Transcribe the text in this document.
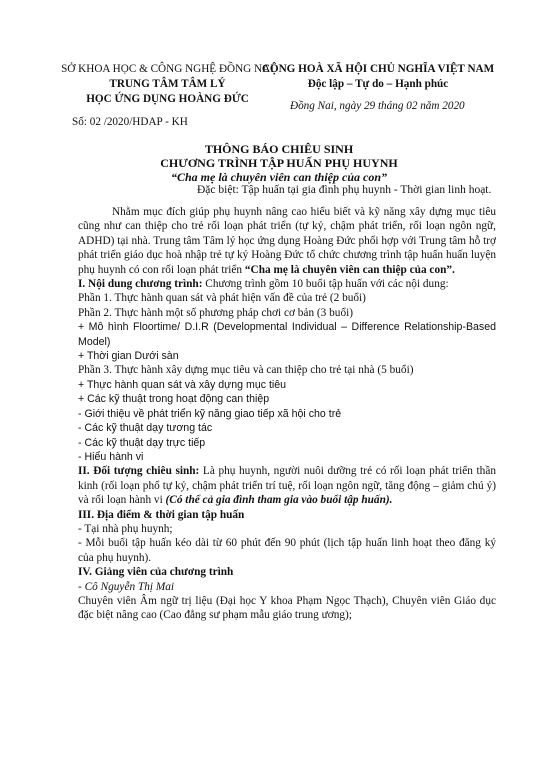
SỞ KHOA HỌC & CÔNG NGHỆ ĐỒNG NAI
TRUNG TÂM TÂM LÝ
HỌC ỨNG DỤNG HOÀNG ĐỨC
CỘNG HOÀ XÃ HỘI CHỦ NGHĨA VIỆT NAM
Độc lập – Tự do – Hạnh phúc
Đồng Nai, ngày 29 tháng 02 năm 2020
Số: 02 /2020/HDAP - KH
THÔNG BÁO CHIÊU SINH
CHƯƠNG TRÌNH TẬP HUẤN PHỤ HUYNH
“Cha mẹ là chuyên viên can thiệp của con”
Đặc biệt: Tập huấn tại gia đình phụ huynh - Thời gian linh hoạt.

Nhằm mục đích giúp phụ huynh nâng cao hiểu biết và kỹ năng xây dựng mục tiêu cũng như can thiệp cho trẻ rối loạn phát triển (tự kỷ, chậm phát triển, rối loạn ngôn ngữ, ADHD) tại nhà. Trung tâm Tâm lý học ứng dụng Hoàng Đức phối hợp với Trung tâm hỗ trợ phát triển giáo dục hoà nhập trẻ tự kỷ Hoàng Đức tổ chức chương trình tập huấn huấn luyện phụ huynh có con rối loạn phát triển “Cha mẹ là chuyên viên can thiệp của con”.

I. Nội dung chương trình: Chương trình gồm 10 buổi tập huấn với các nội dung:

Phần 1. Thực hành quan sát và phát hiện vấn đề của trẻ (2 buổi)

Phần 2. Thực hành một số phương pháp chơi cơ bản (3 buổi)

+ Mô hình Floortime/ D.I.R (Developmental Individual – Difference Relationship-Based Model)

+ Thời gian Dưới sàn

Phần 3. Thực hành xây dựng mục tiêu và can thiệp cho trẻ tại nhà (5 buổi)

+ Thực hành quan sát và xây dựng mục tiêu

+ Các kỹ thuật trong hoạt động can thiệp

- Giới thiệu về phát triển kỹ năng giao tiếp xã hội cho trẻ

- Các kỹ thuật dạy tương tác

- Các kỹ thuật dạy trực tiếp

- Hiểu hành vi

II. Đối tượng chiêu sinh: Là phụ huynh, người nuôi dưỡng trẻ có rối loạn phát triển thần kinh (rối loạn phổ tự kỷ, chậm phát triển trí tuệ, rối loạn ngôn ngữ, tăng động – giảm chú ý) và rối loạn hành vi (Có thể cả gia đình tham gia vào buổi tập huấn).

III. Địa điểm & thời gian tập huấn

- Tại nhà phụ huynh;

- Mỗi buổi tập huấn kéo dài từ 60 phút đến 90 phút (lịch tập huấn linh hoạt theo đăng ký của phụ huynh).

IV. Giảng viên của chương trình

- Cô Nguyễn Thị Mai

Chuyên viên Âm ngữ trị liệu (Đại học Y khoa Phạm Ngọc Thạch), Chuyên viên Giáo dục đặc biệt nâng cao (Cao đẳng sư phạm mẫu giáo trung ương);
